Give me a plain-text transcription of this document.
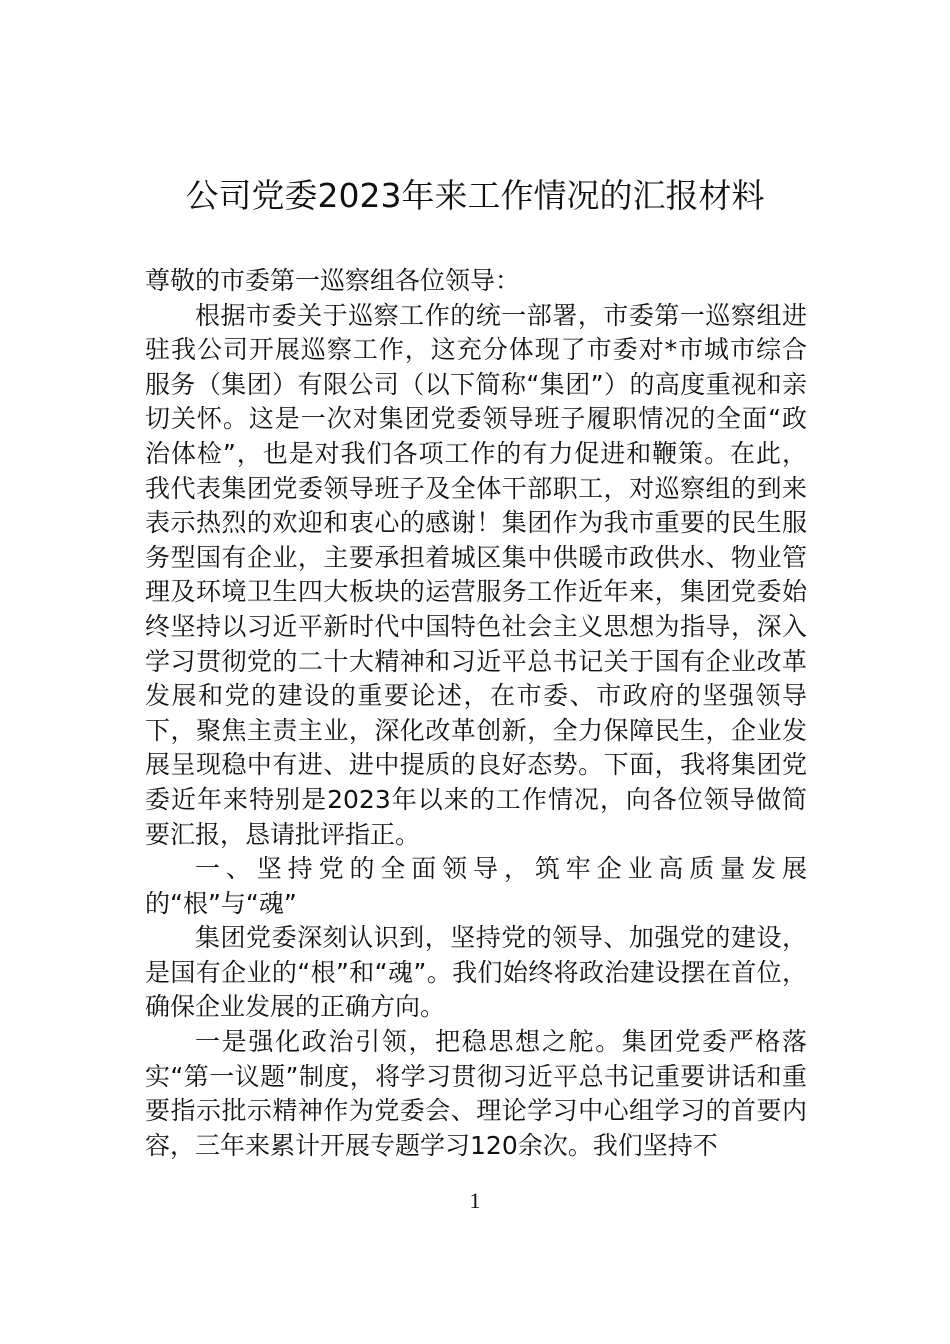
公司党委2023年来工作情况的汇报材料

尊敬的市委第一巡察组各位领导：

根据市委关于巡察工作的统一部署，市委第一巡察组进驻我公司开展巡察工作，这充分体现了市委对*市城市综合服务（集团）有限公司（以下简称“集团”）的高度重视和亲切关怀。这是一次对集团党委领导班子履职情况的全面“政治体检”，也是对我们各项工作的有力促进和鞭策。在此，我代表集团党委领导班子及全体干部职工，对巡察组的到来表示热烈的欢迎和衷心的感谢！集团作为我市重要的民生服务型国有企业，主要承担着城区集中供暖市政供水、物业管理及环境卫生四大板块的运营服务工作近年来，集团党委始终坚持以习近平新时代中国特色社会主义思想为指导，深入学习贯彻党的二十大精神和习近平总书记关于国有企业改革发展和党的建设的重要论述，在市委、市政府的坚强领导下，聚焦主责主业，深化改革创新，全力保障民生，企业发展呈现稳中有进、进中提质的良好态势。下面，我将集团党委近年来特别是2023年以来的工作情况，向各位领导做简要汇报，恳请批评指正。

一、坚持党的全面领导，筑牢企业高质量发展的“根”与“魂”

集团党委深刻认识到，坚持党的领导、加强党的建设，是国有企业的“根”和“魂”。我们始终将政治建设摆在首位，确保企业发展的正确方向。

一是强化政治引领，把稳思想之舵。集团党委严格落实“第一议题”制度，将学习贯彻习近平总书记重要讲话和重要指示批示精神作为党委会、理论学习中心组学习的首要内容，三年来累计开展专题学习120余次。我们坚持不

1
